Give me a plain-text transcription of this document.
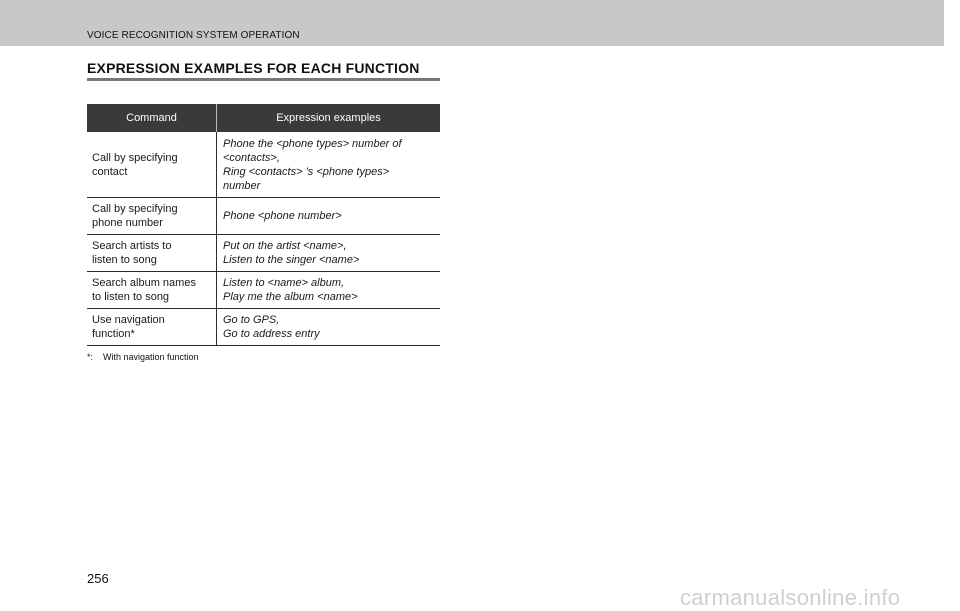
VOICE RECOGNITION SYSTEM OPERATION
EXPRESSION EXAMPLES FOR EACH FUNCTION
Command	Expression examples

Call by specifying
contact	Phone the <phone types> number of
<contacts>,
Ring <contacts> ’s <phone types>
number

Call by specifying
phone number	Phone <phone number>

Search artists to
listen to song	Put on the artist <name>,
Listen to the singer <name>

Search album names
to listen to song	Listen to <name> album,
Play me the album <name>

Use navigation
function*	Go to GPS,
Go to address entry
*: With navigation function
256
carmanualsonline.info
